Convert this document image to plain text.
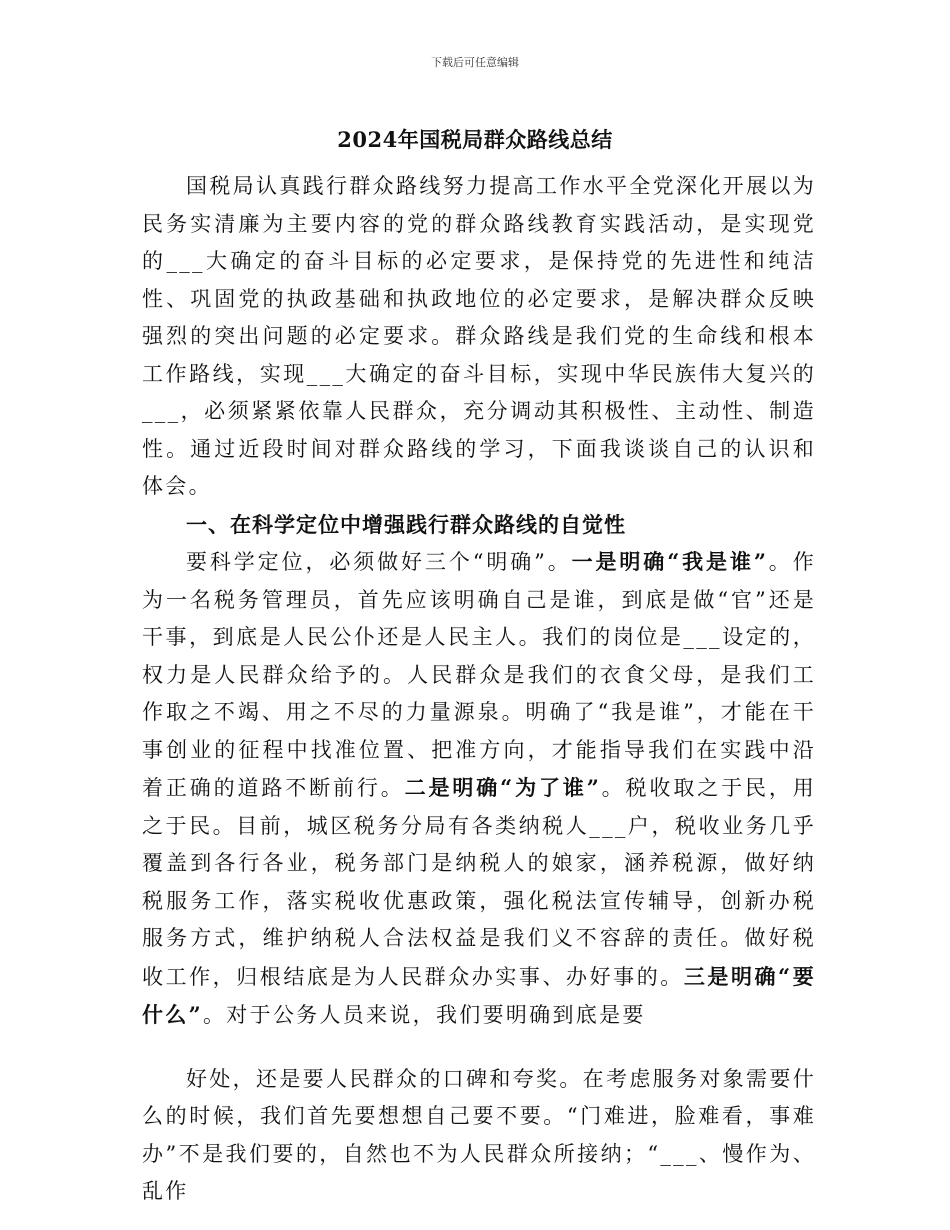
下载后可任意编辑
2024年国税局群众路线总结

国税局认真践行群众路线努力提高工作水平全党深化开展以为民务实清廉为主要内容的党的群众路线教育实践活动，是实现党的___大确定的奋斗目标的必定要求，是保持党的先进性和纯洁性、巩固党的执政基础和执政地位的必定要求，是解决群众反映强烈的突出问题的必定要求。群众路线是我们党的生命线和根本工作路线，实现___大确定的奋斗目标，实现中华民族伟大复兴的___，必须紧紧依靠人民群众，充分调动其积极性、主动性、制造性。通过近段时间对群众路线的学习，下面我谈谈自己的认识和体会。

一、在科学定位中增强践行群众路线的自觉性

要科学定位，必须做好三个“明确”。一是明确“我是谁”。作为一名税务管理员，首先应该明确自己是谁，到底是做“官”还是干事，到底是人民公仆还是人民主人。我们的岗位是___设定的，权力是人民群众给予的。人民群众是我们的衣食父母，是我们工作取之不竭、用之不尽的力量源泉。明确了“我是谁”，才能在干事创业的征程中找准位置、把准方向，才能指导我们在实践中沿着正确的道路不断前行。二是明确“为了谁”。税收取之于民，用之于民。目前，城区税务分局有各类纳税人___户，税收业务几乎覆盖到各行各业，税务部门是纳税人的娘家，涵养税源，做好纳税服务工作，落实税收优惠政策，强化税法宣传辅导，创新办税服务方式，维护纳税人合法权益是我们义不容辞的责任。做好税收工作，归根结底是为人民群众办实事、办好事的。三是明确“要什么”。对于公务人员来说，我们要明确到底是要

好处，还是要人民群众的口碑和夸奖。在考虑服务对象需要什么的时候，我们首先要想想自己要不要。“门难进，脸难看，事难办”不是我们要的，自然也不为人民群众所接纳；“___、慢作为、乱作
